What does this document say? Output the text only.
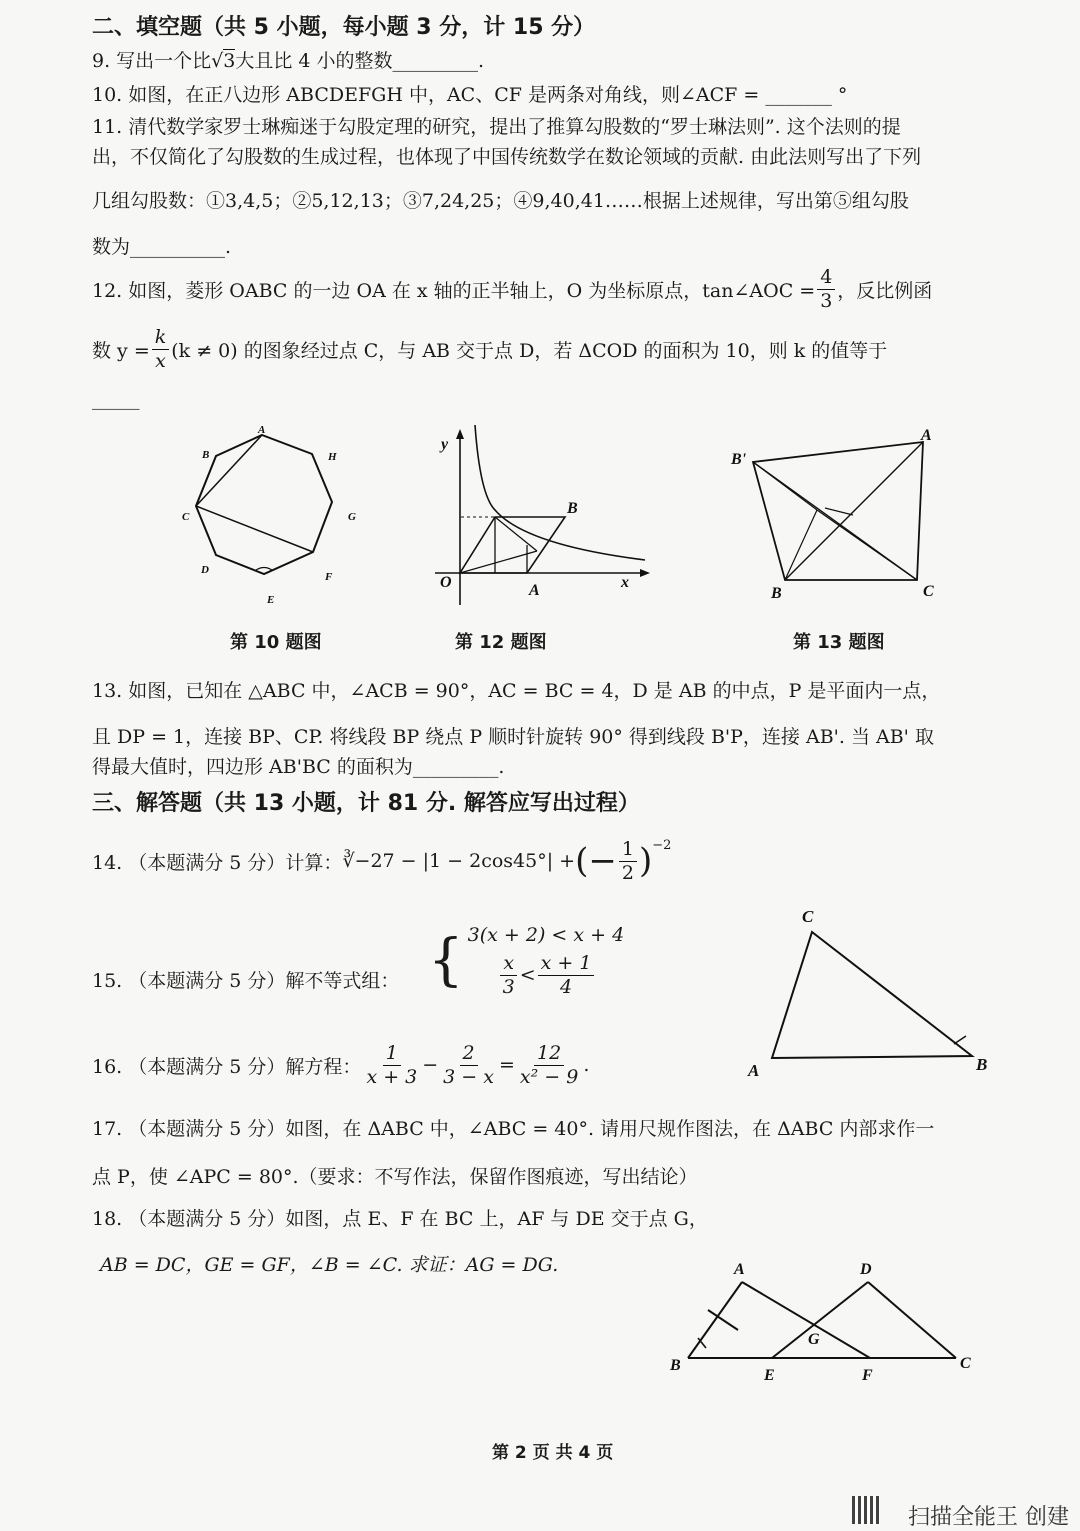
二、填空题（共 5 小题，每小题 3 分，计 15 分）
9. 写出一个比√3大且比 4 小的整数_________.
10. 如图，在正八边形 ABCDEFGH 中，AC、CF 是两条对角线，则∠ACF = _______ °
11. 清代数学家罗士琳痴迷于勾股定理的研究，提出了推算勾股数的“罗士琳法则”. 这个法则的提
出，不仅简化了勾股数的生成过程，也体现了中国传统数学在数论领域的贡献. 由此法则写出了下列
几组勾股数：①3,4,5；②5,12,13；③7,24,25；④9,40,41……根据上述规律，写出第⑤组勾股
数为__________.
12. 如图，菱形 OABC 的一边 OA 在 x 轴的正半轴上，O 为坐标原点，tan∠AOC = $\frac{4}{3}$ ，反比例函
数 $y = \frac{k}{x} (k \ne 0)$ 的图象经过点 C，与 AB 交于点 D，若 ΔCOD 的面积为 10，则 k 的值等于
_____
A
B
C
D
E
F
G
H
第 10 题图
y
O	A
B
x
第 12 题图
B'
A
B	C
第 13 题图
13. 如图，已知在 △ABC 中，∠ACB = 90°，AC = BC = 4，D 是 AB 的中点，P 是平面内一点，
且 DP = 1，连接 BP、CP. 将线段 BP 绕点 P 顺时针旋转 90° 得到线段 B'P，连接 AB'. 当 AB' 取
得最大值时，四边形 AB'BC 的面积为_________.
三、解答题（共 13 小题，计 81 分. 解答应写出过程）
14. （本题满分 5 分）计算： ∛−27 − |1 − 2cos45°| + (− $\frac{1}{2} )^{-2}$
15. （本题满分 5 分）解不等式组： { 3(x + 2) < x + 4
$\frac{x}{3} < \frac{x + 1}{4}$
16. （本题满分 5 分）解方程： $\frac{1}{x + 3} - \frac{2}{3 - x} = \frac{12}{\text{x² − 9}}$ .
C
A	B
17. （本题满分 5 分）如图，在 ΔABC 中，∠ABC = 40°. 请用尺规作图法，在 ΔABC 内部求作一
点 P，使 ∠APC = 80°.（要求：不写作法，保留作图痕迹，写出结论）
18. （本题满分 5 分）如图，点 E、F 在 BC 上，AF 与 DE 交于点 G，
AB = DC，GE = GF，∠B = ∠C. 求证：AG = DG.	A	D
G
B
E	F
C
第 2 页 共 4 页
扫描全能王 创建
